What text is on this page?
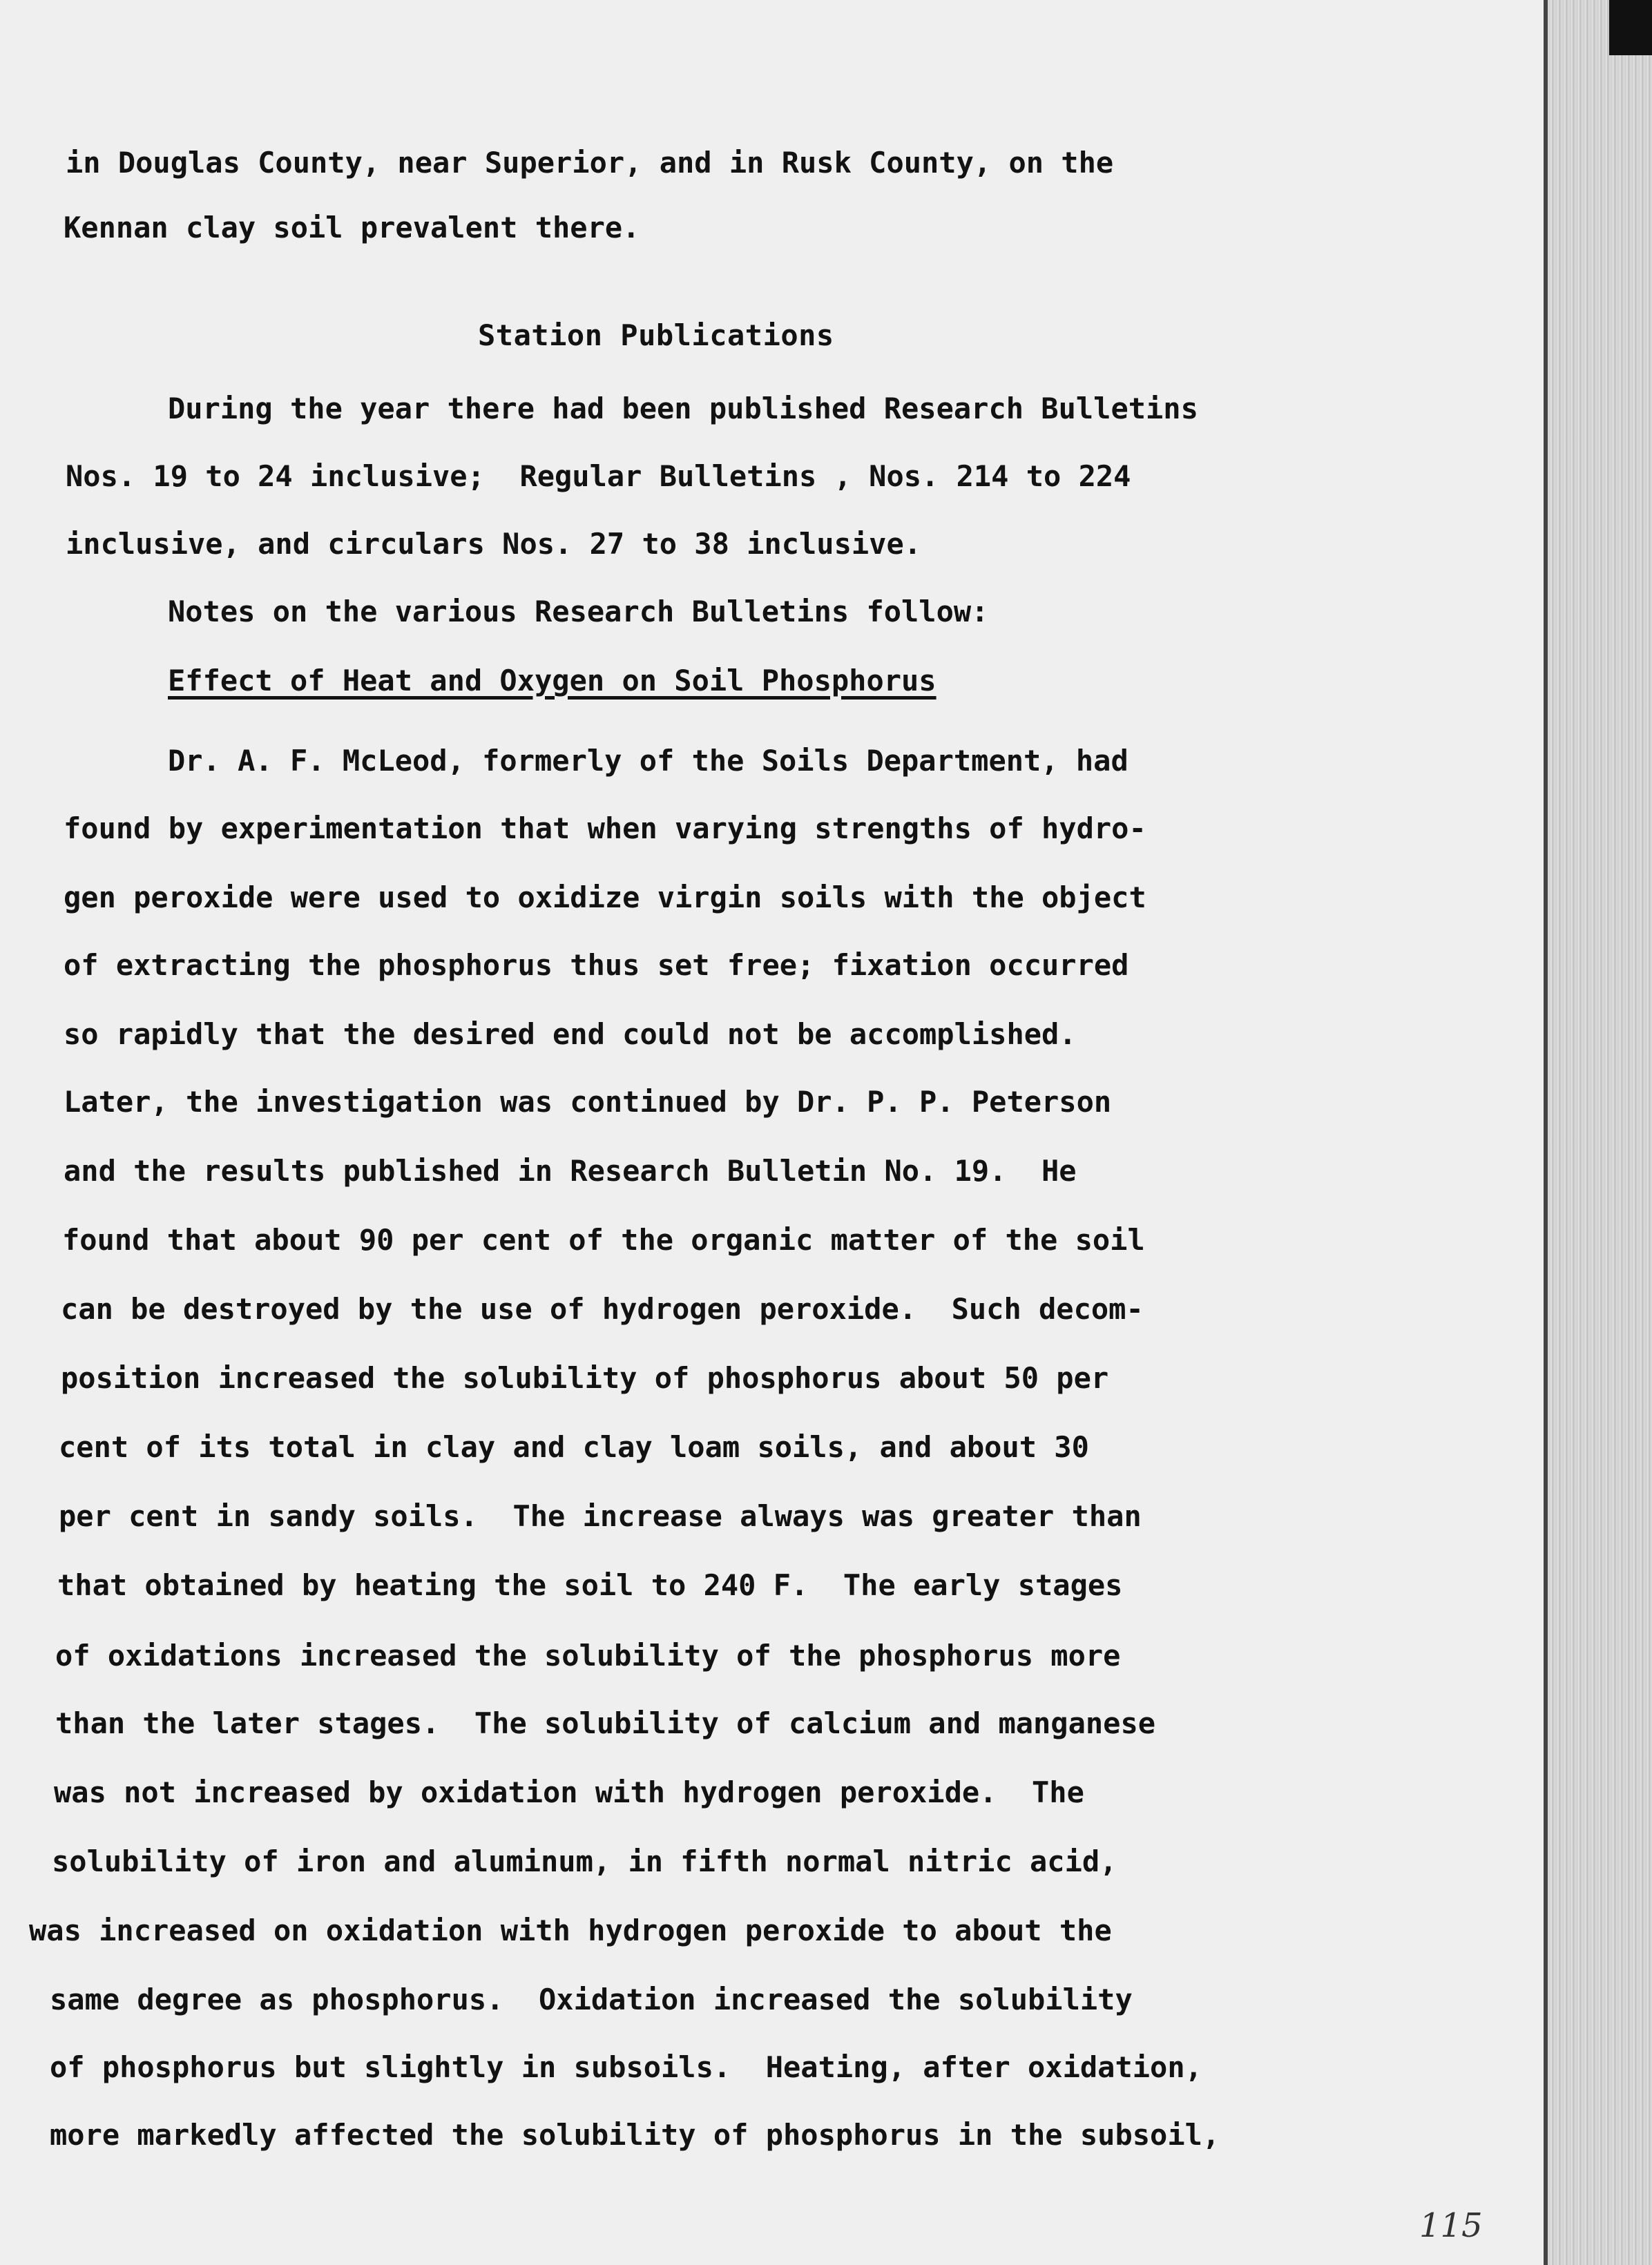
in Douglas County, near Superior, and in Rusk County, on the

Kennan clay soil prevalent there.

Station Publications

During the year there had been published Research Bulletins

Nos. 19 to 24 inclusive;  Regular Bulletins , Nos. 214 to 224

inclusive, and circulars Nos. 27 to 38 inclusive.

Notes on the various Research Bulletins follow:

Effect of Heat and Oxygen on Soil Phosphorus

Dr. A. F. McLeod, formerly of the Soils Department, had

found by experimentation that when varying strengths of hydro-

gen peroxide were used to oxidize virgin soils with the object

of extracting the phosphorus thus set free; fixation occurred

so rapidly that the desired end could not be accomplished.

Later, the investigation was continued by Dr. P. P. Peterson

and the results published in Research Bulletin No. 19.  He

found that about 90 per cent of the organic matter of the soil

can be destroyed by the use of hydrogen peroxide.  Such decom-

position increased the solubility of phosphorus about 50 per

cent of its total in clay and clay loam soils, and about 30

per cent in sandy soils.  The increase always was greater than

that obtained by heating the soil to 240 F.  The early stages

of oxidations increased the solubility of the phosphorus more

than the later stages.  The solubility of calcium and manganese

was not increased by oxidation with hydrogen peroxide.  The

solubility of iron and aluminum, in fifth normal nitric acid,

was increased on oxidation with hydrogen peroxide to about the

same degree as phosphorus.  Oxidation increased the solubility

of phosphorus but slightly in subsoils.  Heating, after oxidation,

more markedly affected the solubility of phosphorus in the subsoil,

115
